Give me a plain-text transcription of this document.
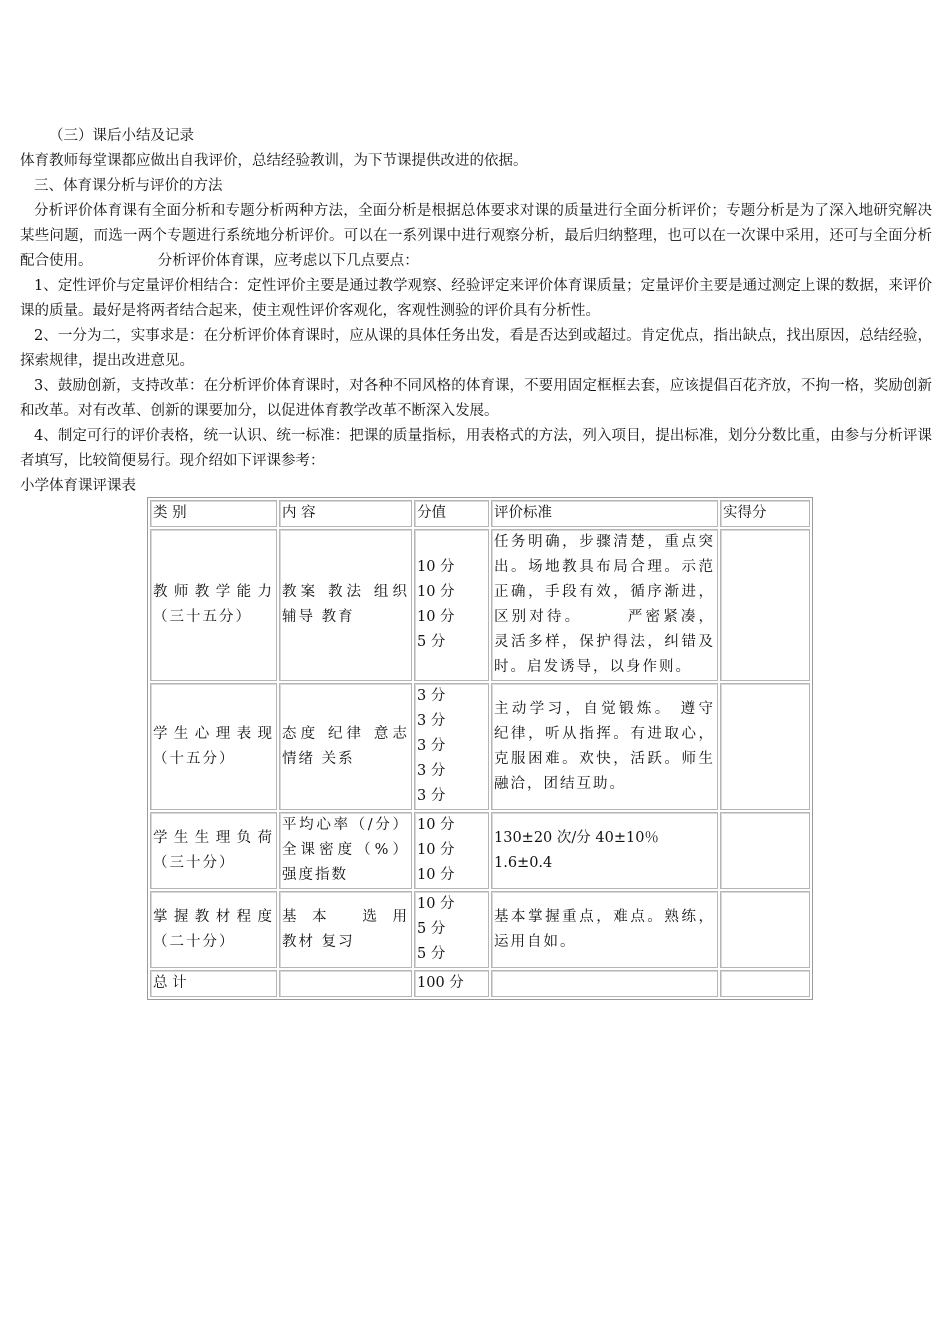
（三）课后小结及记录

体育教师每堂课都应做出自我评价，总结经验教训，为下节课提供改进的依据。

三、体育课分析与评价的方法

分析评价体育课有全面分析和专题分析两种方法，全面分析是根据总体要求对课的质量进行全面分析评价；专题分析是为了深入地研究解决某些问题，而选一两个专题进行系统地分析评价。可以在一系列课中进行观察分析，最后归纳整理，也可以在一次课中采用，还可与全面分析配合使用。　　　　　分析评价体育课，应考虑以下几点要点：

1、定性评价与定量评价相结合：定性评价主要是通过教学观察、经验评定来评价体育课质量；定量评价主要是通过测定上课的数据，来评价课的质量。最好是将两者结合起来，使主观性评价客观化，客观性测验的评价具有分析性。

2、一分为二，实事求是：在分析评价体育课时，应从课的具体任务出发，看是否达到或超过。肯定优点，指出缺点，找出原因，总结经验，探索规律，提出改进意见。

3、鼓励创新，支持改革：在分析评价体育课时，对各种不同风格的体育课，不要用固定框框去套，应该提倡百花齐放，不拘一格，奖励创新和改革。对有改革、创新的课要加分，以促进体育教学改革不断深入发展。

4、制定可行的评价表格，统一认识、统一标准：把课的质量指标，用表格式的方法，列入项目，提出标准，划分分数比重，由参与分析评课者填写，比较简便易行。现介绍如下评课参考：

小学体育课评课表

类 别	内 容	分值	评价标准	实得分
教师教学能力（三十五分）	教案 教法 组织辅导 教育	10 分
10 分
10 分
5 分	任务明确，步骤清楚，重点突出。场地教具布局合理。示范正确，手段有效，循序渐进，区别对待。　　　严密紧凑，灵活多样，保护得法，纠错及时。启发诱导，以身作则。	
学生心理表现（十五分）	态度 纪律 意志 情绪 关系	3 分
3 分
3 分
3 分
3 分	主动学习，自觉锻炼。 遵守纪律，听从指挥。有进取心，克服困难。欢快，活跃。师生融洽，团结互助。	
学生生理负荷（三十分）	平均心率（/分）全课密度（%）强度指数	10 分
10 分
10 分	130±20 次/分 40±10％ 1.6±0.4	
掌握教材程度（二十分）	基本 选用　　 教材 复习	10 分
5 分
5 分	基本掌握重点，难点。熟练，运用自如。	
总 计		100 分		
